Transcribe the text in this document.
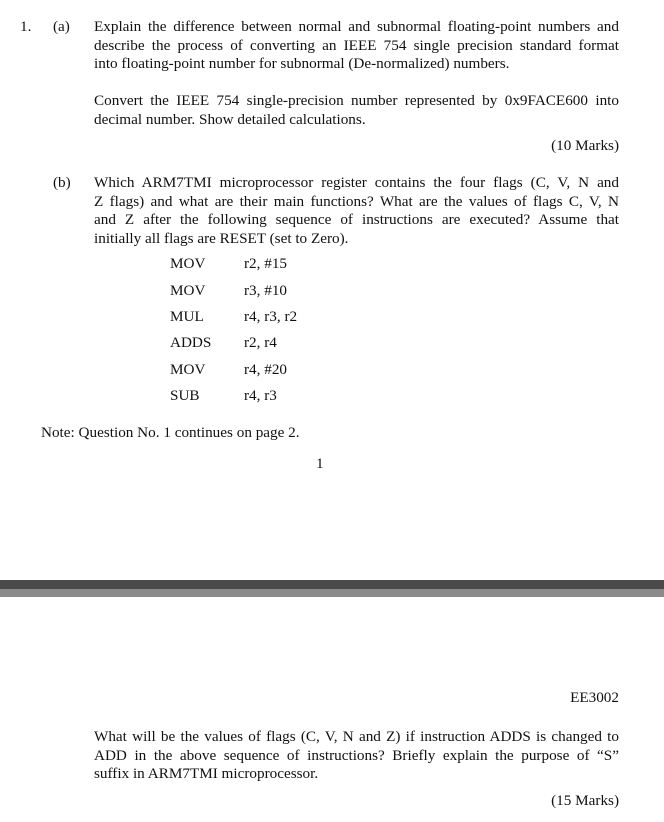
1. (a) Explain the difference between normal and subnormal floating-point numbers and
describe the process of converting an IEEE 754 single precision standard format
into floating-point number for subnormal (De-normalized) numbers.
Convert the IEEE 754 single-precision number represented by 0x9FACE600 into
decimal number. Show detailed calculations.
(10 Marks)
(b) Which ARM7TMI microprocessor register contains the four flags (C, V, N and
Z flags) and what are their main functions? What are the values of flags C, V, N
and Z after the following sequence of instructions are executed? Assume that
initially all flags are RESET (set to Zero).
MOV	r2, #15
MOV	r3, #10
MUL	r4, r3, r2
ADDS r2, r4
MOV	r4, #20
SUB	r4, r3
Note: Question No. 1 continues on page 2.
1
EE3002
What will be the values of flags (C, V, N and Z) if instruction ADDS is changed to
ADD in the above sequence of instructions? Briefly explain the purpose of “S”
suffix in ARM7TMI microprocessor.
(15 Marks)
